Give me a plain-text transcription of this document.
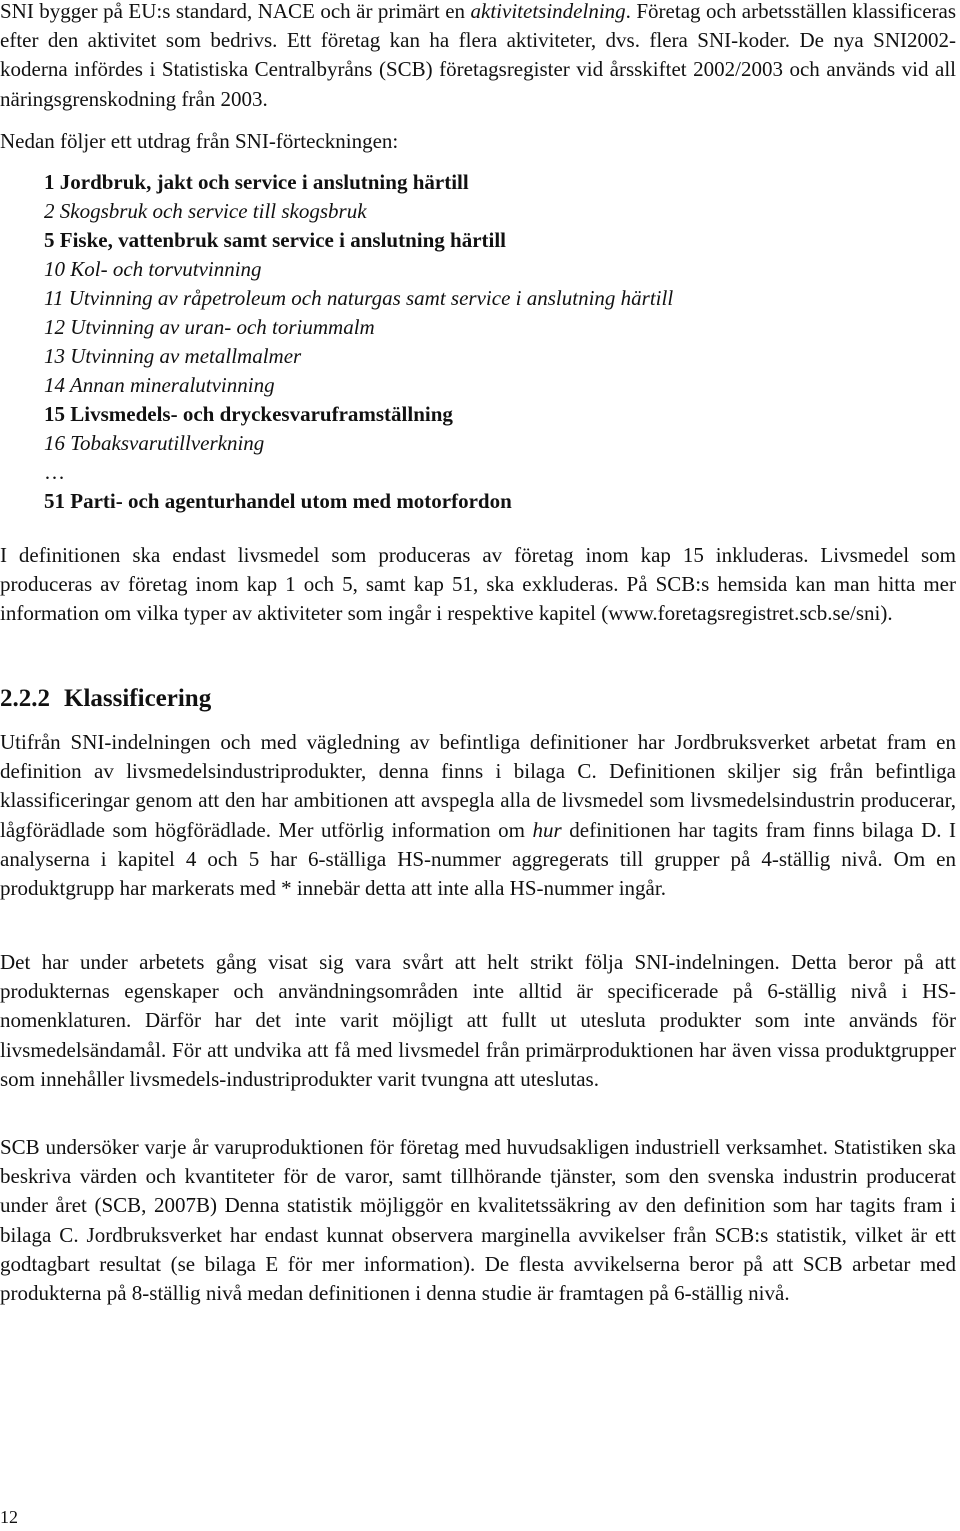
SNI bygger på EU:s standard, NACE och är primärt en aktivitetsindelning. Företag och arbetsställen klassificeras efter den aktivitet som bedrivs. Ett företag kan ha flera aktiviteter, dvs. flera SNI-koder. De nya SNI2002-koderna infördes i Statistiska Centralbyråns (SCB) företagsregister vid årsskiftet 2002/2003 och används vid all näringsgrenskodning från 2003.

Nedan följer ett utdrag från SNI-förteckningen:

1 Jordbruk, jakt och service i anslutning härtill
2 Skogsbruk och service till skogsbruk
5 Fiske, vattenbruk samt service i anslutning härtill
10 Kol- och torvutvinning
11 Utvinning av råpetroleum och naturgas samt service i anslutning härtill
12 Utvinning av uran- och toriummalm
13 Utvinning av metallmalmer
14 Annan mineralutvinning
15 Livsmedels- och dryckesvaruframställning
16 Tobaksvarutillverkning
…
51 Parti- och agenturhandel utom med motorfordon

I definitionen ska endast livsmedel som produceras av företag inom kap 15 inkluderas. Livsmedel som produceras av företag inom kap 1 och 5, samt kap 51, ska exkluderas. På SCB:s hemsida kan man hitta mer information om vilka typer av aktiviteter som ingår i respektive kapitel (www.foretagsregistret.scb.se/sni).

2.2.2 Klassificering

Utifrån SNI-indelningen och med vägledning av befintliga definitioner har Jordbruksverket arbetat fram en definition av livsmedelsindustriprodukter, denna finns i bilaga C. Definitionen skiljer sig från befintliga klassificeringar genom att den har ambitionen att avspegla alla de livsmedel som livsmedelsindustrin producerar, lågförädlade som högförädlade. Mer utförlig information om hur definitionen har tagits fram finns bilaga D. I analyserna i kapitel 4 och 5 har 6-ställiga HS-nummer aggregerats till grupper på 4-ställig nivå. Om en produktgrupp har markerats med * innebär detta att inte alla HS-nummer ingår.

Det har under arbetets gång visat sig vara svårt att helt strikt följa SNI-indelningen. Detta beror på att produkternas egenskaper och användningsområden inte alltid är specificerade på 6-ställig nivå i HS-nomenklaturen. Därför har det inte varit möjligt att fullt ut utesluta produkter som inte används för livsmedelsändamål. För att undvika att få med livsmedel från primärproduktionen har även vissa produktgrupper som innehåller livsmedels-industriprodukter varit tvungna att uteslutas.

SCB undersöker varje år varuproduktionen för företag med huvudsakligen industriell verksamhet. Statistiken ska beskriva värden och kvantiteter för de varor, samt tillhörande tjänster, som den svenska industrin producerat under året (SCB, 2007B) Denna statistik möjliggör en kvalitetssäkring av den definition som har tagits fram i bilaga C. Jordbruksverket har endast kunnat observera marginella avvikelser från SCB:s statistik, vilket är ett godtagbart resultat (se bilaga E för mer information). De flesta avvikelserna beror på att SCB arbetar med produkterna på 8-ställig nivå medan definitionen i denna studie är framtagen på 6-ställig nivå.

12
